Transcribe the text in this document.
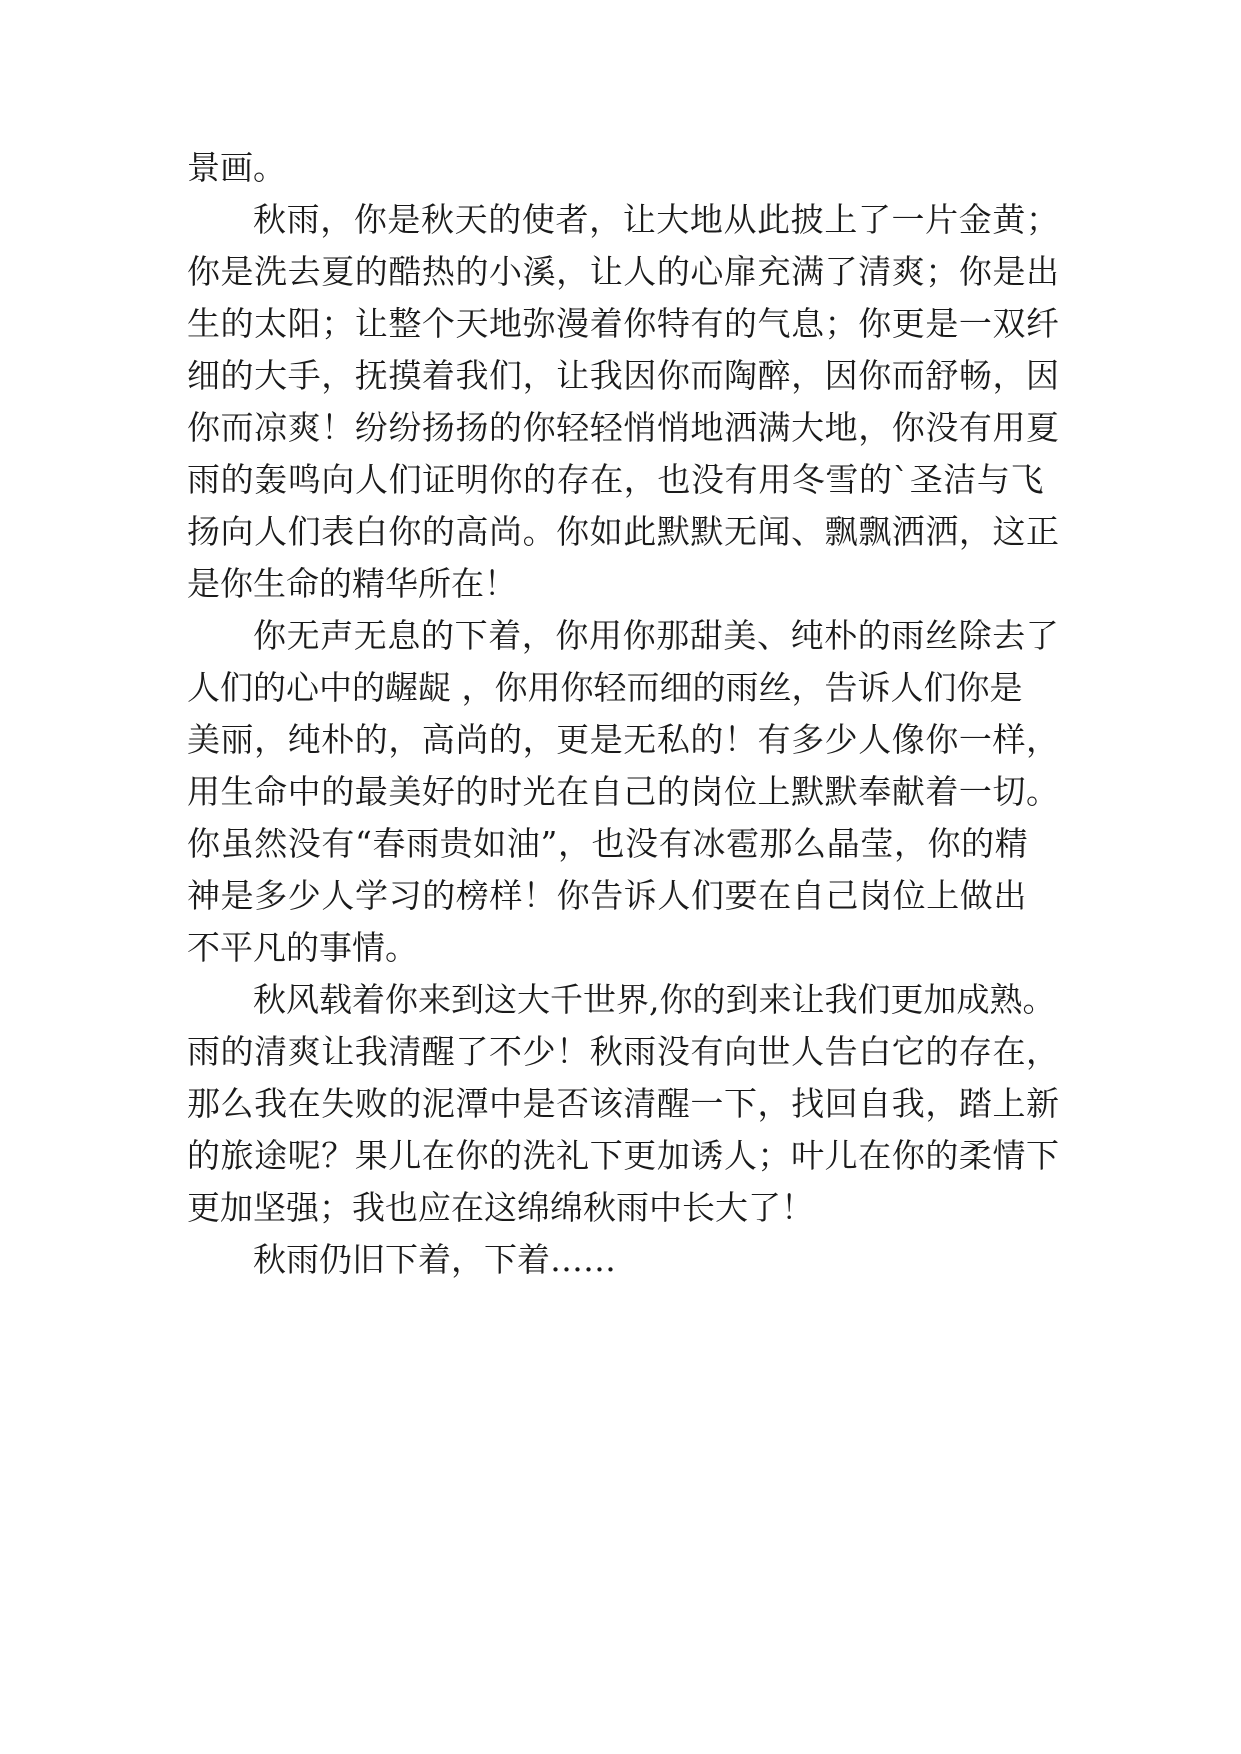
景画。

秋雨，你是秋天的使者，让大地从此披上了一片金黄；

你是洗去夏的酷热的小溪，让人的心扉充满了清爽；你是出

生的太阳；让整个天地弥漫着你特有的气息；你更是一双纤

细的大手，抚摸着我们，让我因你而陶醉，因你而舒畅，因

你而凉爽！纷纷扬扬的你轻轻悄悄地洒满大地，你没有用夏

雨的轰鸣向人们证明你的存在，也没有用冬雪的`圣洁与飞

扬向人们表白你的高尚。你如此默默无闻、飘飘洒洒，这正

是你生命的精华所在！

你无声无息的下着，你用你那甜美、纯朴的雨丝除去了

人们的心中的龌龊 ，你用你轻而细的雨丝，告诉人们你是

美丽，纯朴的，高尚的，更是无私的！有多少人像你一样，

用生命中的最美好的时光在自己的岗位上默默奉献着一切。

你虽然没有“春雨贵如油”，也没有冰雹那么晶莹，你的精

神是多少人学习的榜样！你告诉人们要在自己岗位上做出

不平凡的事情。

秋风载着你来到这大千世界,你的到来让我们更加成熟。

雨的清爽让我清醒了不少！秋雨没有向世人告白它的存在，

那么我在失败的泥潭中是否该清醒一下，找回自我，踏上新

的旅途呢？果儿在你的洗礼下更加诱人；叶儿在你的柔情下

更加坚强；我也应在这绵绵秋雨中长大了！

秋雨仍旧下着，下着……
